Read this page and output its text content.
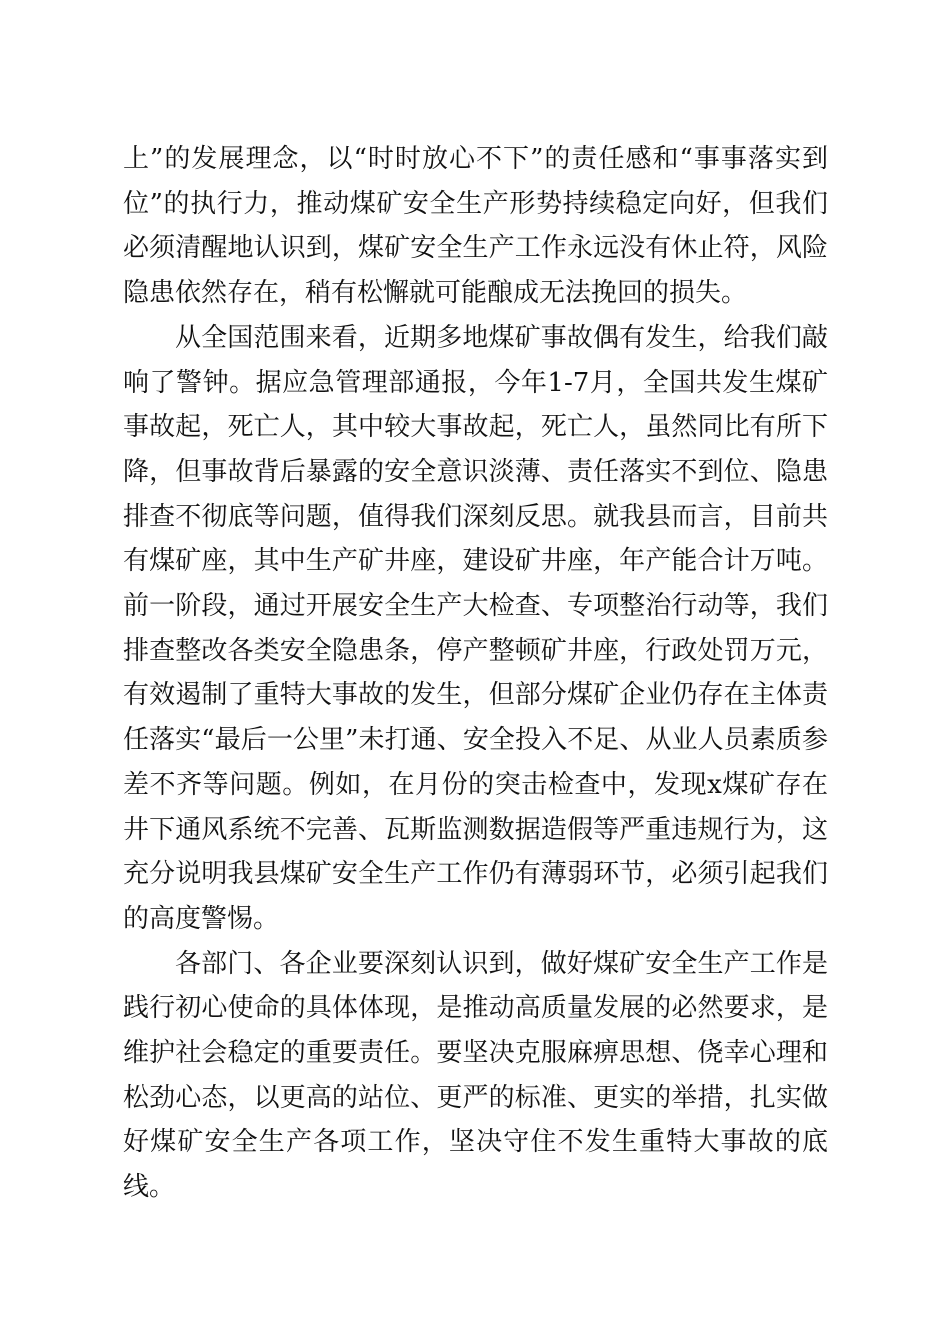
上”的发展理念，以“时时放心不下”的责任感和“事事落实到位”的执行力，推动煤矿安全生产形势持续稳定向好，但我们必须清醒地认识到，煤矿安全生产工作永远没有休止符，风险隐患依然存在，稍有松懈就可能酿成无法挽回的损失。

从全国范围来看，近期多地煤矿事故偶有发生，给我们敲响了警钟。据应急管理部通报，今年1-7月，全国共发生煤矿事故起，死亡人，其中较大事故起，死亡人，虽然同比有所下降，但事故背后暴露的安全意识淡薄、责任落实不到位、隐患排查不彻底等问题，值得我们深刻反思。就我县而言，目前共有煤矿座，其中生产矿井座，建设矿井座，年产能合计万吨。前一阶段，通过开展安全生产大检查、专项整治行动等，我们排查整改各类安全隐患条，停产整顿矿井座，行政处罚万元，有效遏制了重特大事故的发生，但部分煤矿企业仍存在主体责任落实“最后一公里”未打通、安全投入不足、从业人员素质参差不齐等问题。例如，在月份的突击检查中，发现x煤矿存在井下通风系统不完善、瓦斯监测数据造假等严重违规行为，这充分说明我县煤矿安全生产工作仍有薄弱环节，必须引起我们的高度警惕。

各部门、各企业要深刻认识到，做好煤矿安全生产工作是践行初心使命的具体体现，是推动高质量发展的必然要求，是维护社会稳定的重要责任。要坚决克服麻痹思想、侥幸心理和松劲心态，以更高的站位、更严的标准、更实的举措，扎实做好煤矿安全生产各项工作，坚决守住不发生重特大事故的底线。
